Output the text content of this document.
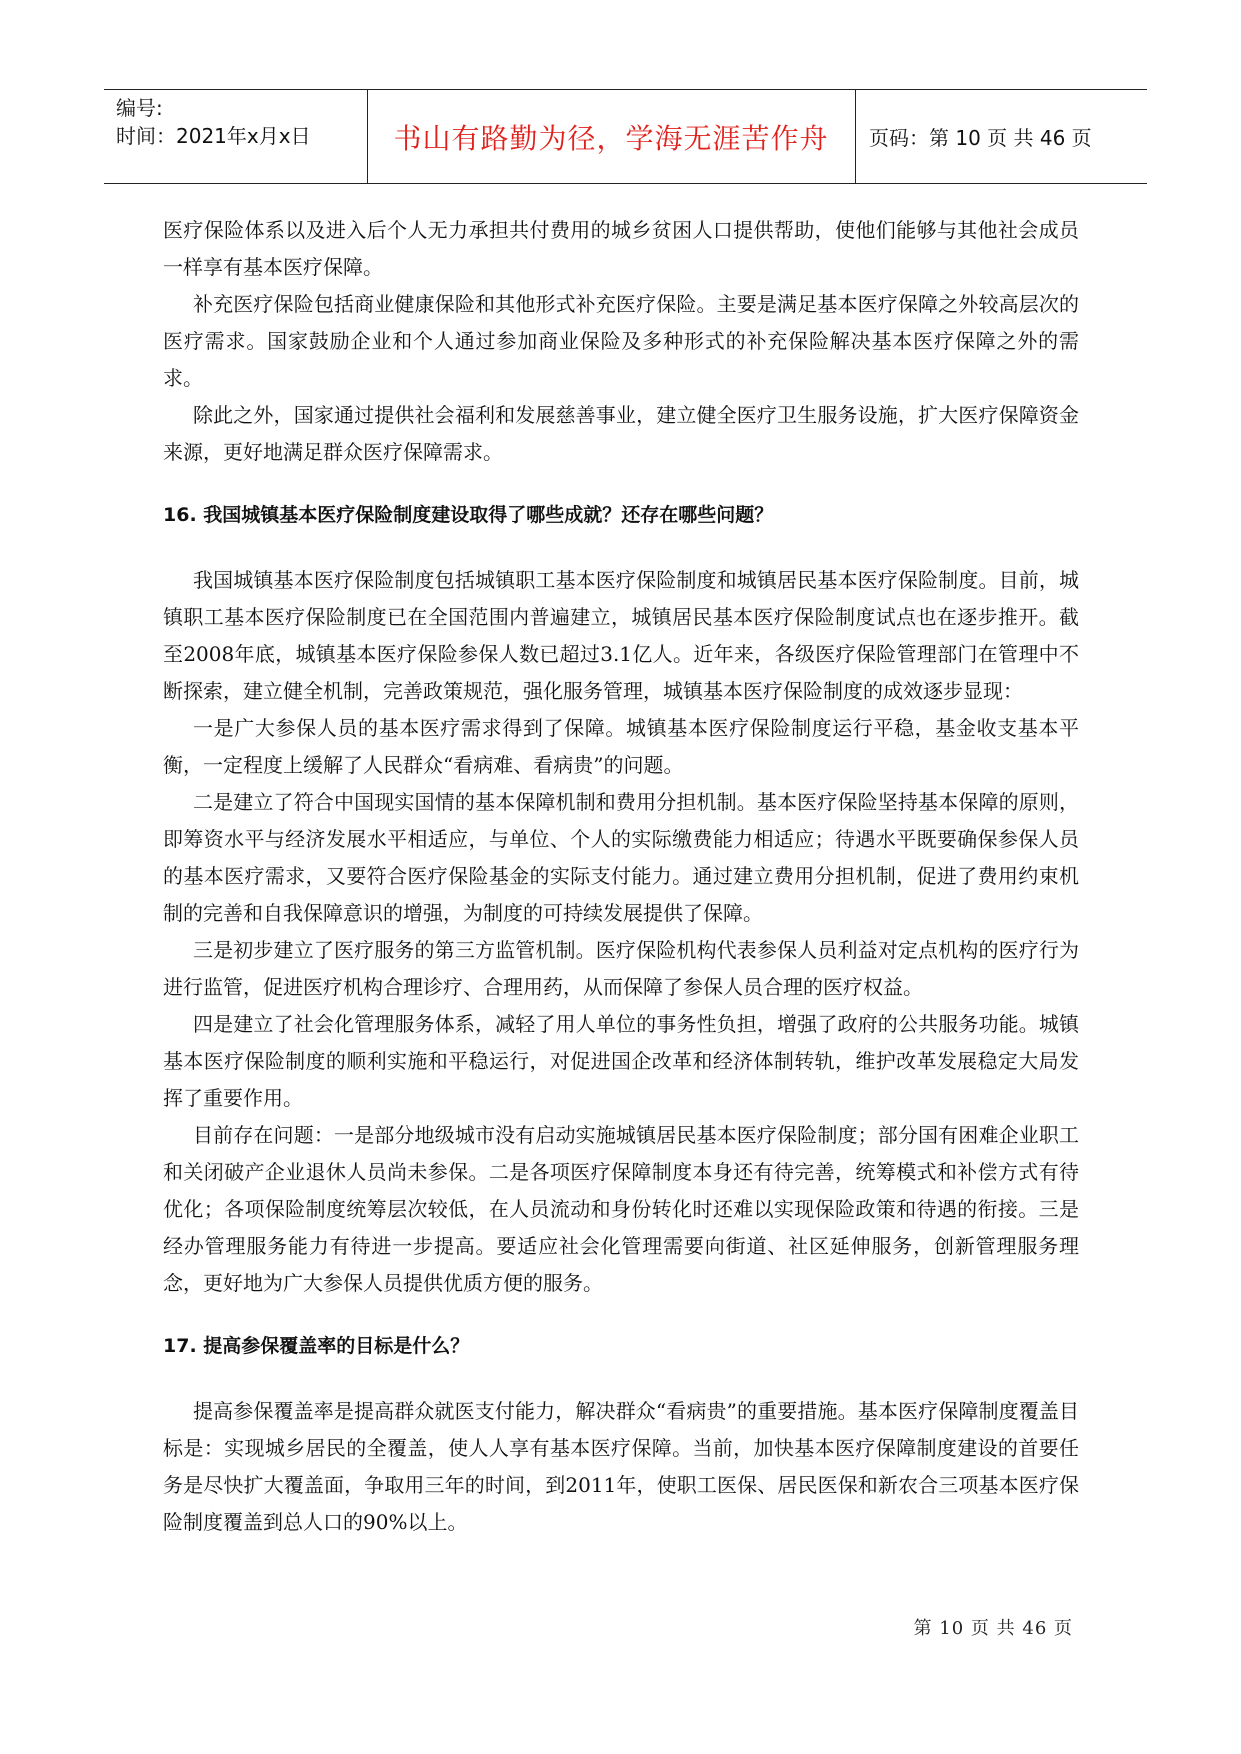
编号:
时间：2021年x月x日	书山有路勤为径，学海无涯苦作舟	页码：第 10 页 共 46 页

医疗保险体系以及进入后个人无力承担共付费用的城乡贫困人口提供帮助，使他们能够与其他社会成员一样享有基本医疗保障。

补充医疗保险包括商业健康保险和其他形式补充医疗保险。主要是满足基本医疗保障之外较高层次的医疗需求。国家鼓励企业和个人通过参加商业保险及多种形式的补充保险解决基本医疗保障之外的需求。

除此之外，国家通过提供社会福利和发展慈善事业，建立健全医疗卫生服务设施，扩大医疗保障资金来源，更好地满足群众医疗保障需求。

16. 我国城镇基本医疗保险制度建设取得了哪些成就？还存在哪些问题？

我国城镇基本医疗保险制度包括城镇职工基本医疗保险制度和城镇居民基本医疗保险制度。目前，城镇职工基本医疗保险制度已在全国范围内普遍建立，城镇居民基本医疗保险制度试点也在逐步推开。截至2008年底，城镇基本医疗保险参保人数已超过3.1亿人。近年来，各级医疗保险管理部门在管理中不断探索，建立健全机制，完善政策规范，强化服务管理，城镇基本医疗保险制度的成效逐步显现：

一是广大参保人员的基本医疗需求得到了保障。城镇基本医疗保险制度运行平稳，基金收支基本平衡，一定程度上缓解了人民群众“看病难、看病贵”的问题。

二是建立了符合中国现实国情的基本保障机制和费用分担机制。基本医疗保险坚持基本保障的原则，即筹资水平与经济发展水平相适应，与单位、个人的实际缴费能力相适应；待遇水平既要确保参保人员的基本医疗需求，又要符合医疗保险基金的实际支付能力。通过建立费用分担机制，促进了费用约束机制的完善和自我保障意识的增强，为制度的可持续发展提供了保障。

三是初步建立了医疗服务的第三方监管机制。医疗保险机构代表参保人员利益对定点机构的医疗行为进行监管，促进医疗机构合理诊疗、合理用药，从而保障了参保人员合理的医疗权益。

四是建立了社会化管理服务体系，减轻了用人单位的事务性负担，增强了政府的公共服务功能。城镇基本医疗保险制度的顺利实施和平稳运行，对促进国企改革和经济体制转轨，维护改革发展稳定大局发挥了重要作用。

目前存在问题：一是部分地级城市没有启动实施城镇居民基本医疗保险制度；部分国有困难企业职工和关闭破产企业退休人员尚未参保。二是各项医疗保障制度本身还有待完善，统筹模式和补偿方式有待优化；各项保险制度统筹层次较低，在人员流动和身份转化时还难以实现保险政策和待遇的衔接。三是经办管理服务能力有待进一步提高。要适应社会化管理需要向街道、社区延伸服务，创新管理服务理念，更好地为广大参保人员提供优质方便的服务。

17. 提高参保覆盖率的目标是什么？

提高参保覆盖率是提高群众就医支付能力，解决群众“看病贵”的重要措施。基本医疗保障制度覆盖目标是：实现城乡居民的全覆盖，使人人享有基本医疗保障。当前，加快基本医疗保障制度建设的首要任务是尽快扩大覆盖面，争取用三年的时间，到2011年，使职工医保、居民医保和新农合三项基本医疗保险制度覆盖到总人口的90%以上。

第 10 页 共 46 页
